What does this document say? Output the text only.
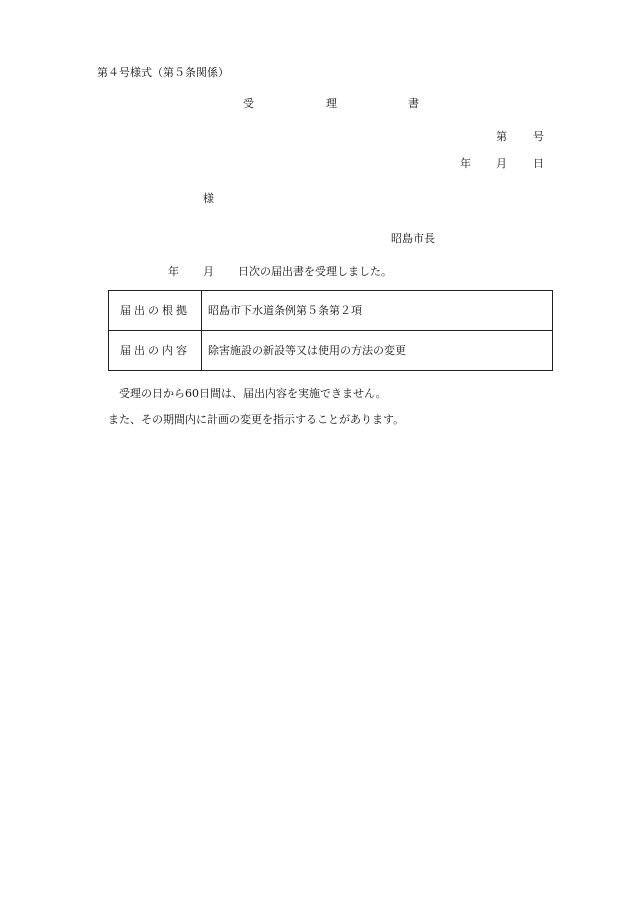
第４号様式（第５条関係）
受	理	書
第 号
年 月 日
様
昭島市長
年 月 日次の届出書を受理しました。
届出の根拠	昭島市下水道条例第５条第２項
届出の内容	除害施設の新設等又は使用の方法の変更
受理の日から60日間は、届出内容を実施できません。
また、その期間内に計画の変更を指示することがあります。
